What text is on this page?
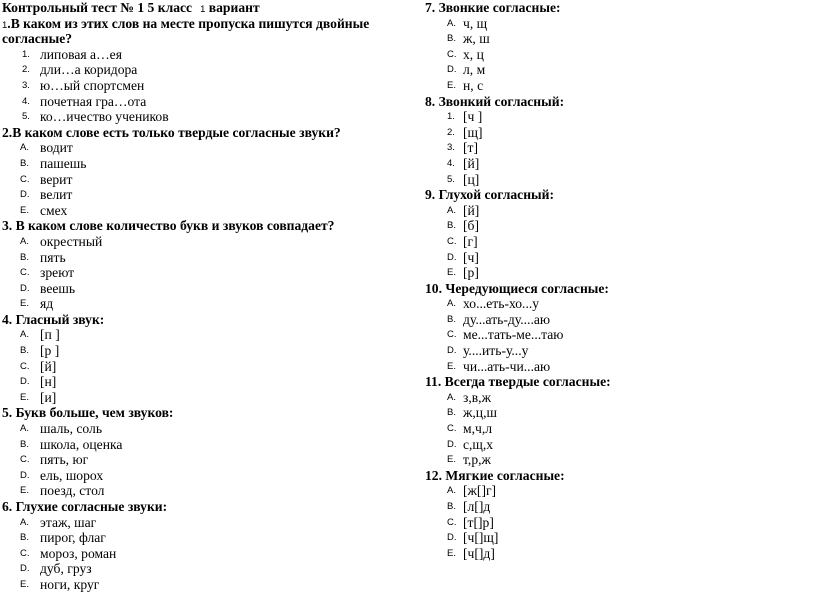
Контрольный тест № 1 5 класс 1 вариант
1.В каком из этих слов на месте пропуска пишутся двойные
согласные?
1. липовая а…ея
2. дли…а коридора
3. ю…ый спортсмен
4. почетная гра…ота
5. ко…ичество учеников
2.В каком слове есть только твердые согласные звуки?
A. водит
B. пашешь
C. верит
D. велит
E. смех
3. В каком слове количество букв и звуков совпадает?
A. окрестный
B. пять
C. зреют
D. веешь
E. яд
4. Гласный звук:
A. [п ]
B. [р ]
C. [й]
D. [н]
E. [и]
5. Букв больше, чем звуков:
A. шаль, соль
B. школа, оценка
C. пять, юг
D. ель, шорох
E. поезд, стол
6. Глухие согласные звуки:
A. этаж, шаг
B. пирог, флаг
C. мороз, роман
D. дуб, груз
E. ноги, круг
7. Звонкие согласные:
A. ч, щ
B. ж, ш
C. х, ц
D. л, м
E. н, с
8. Звонкий согласный:
1. [ч ]
2. [щ]
3. [т]
4. [й]
5. [ц]
9. Глухой согласный:
A. [й]
B. [б]
C. [г]
D. [ч]
E. [р]
10. Чередующиеся согласные:
A. хо...еть-хо...у
B. ду...ать-ду....аю
C. ме...тать-ме...таю
D. у....ить-у...у
E. чи...ать-чи...аю
11. Всегда твердые согласные:
A. з,в,ж
B. ж,ц,ш
C. м,ч,л
D. с,щ,х
E. т,р,ж
12. Мягкие согласные:
A. [ж[]г]
B. [л[]д
C. [т[]р]
D. [ч[]щ]
E. [ч[]д]
